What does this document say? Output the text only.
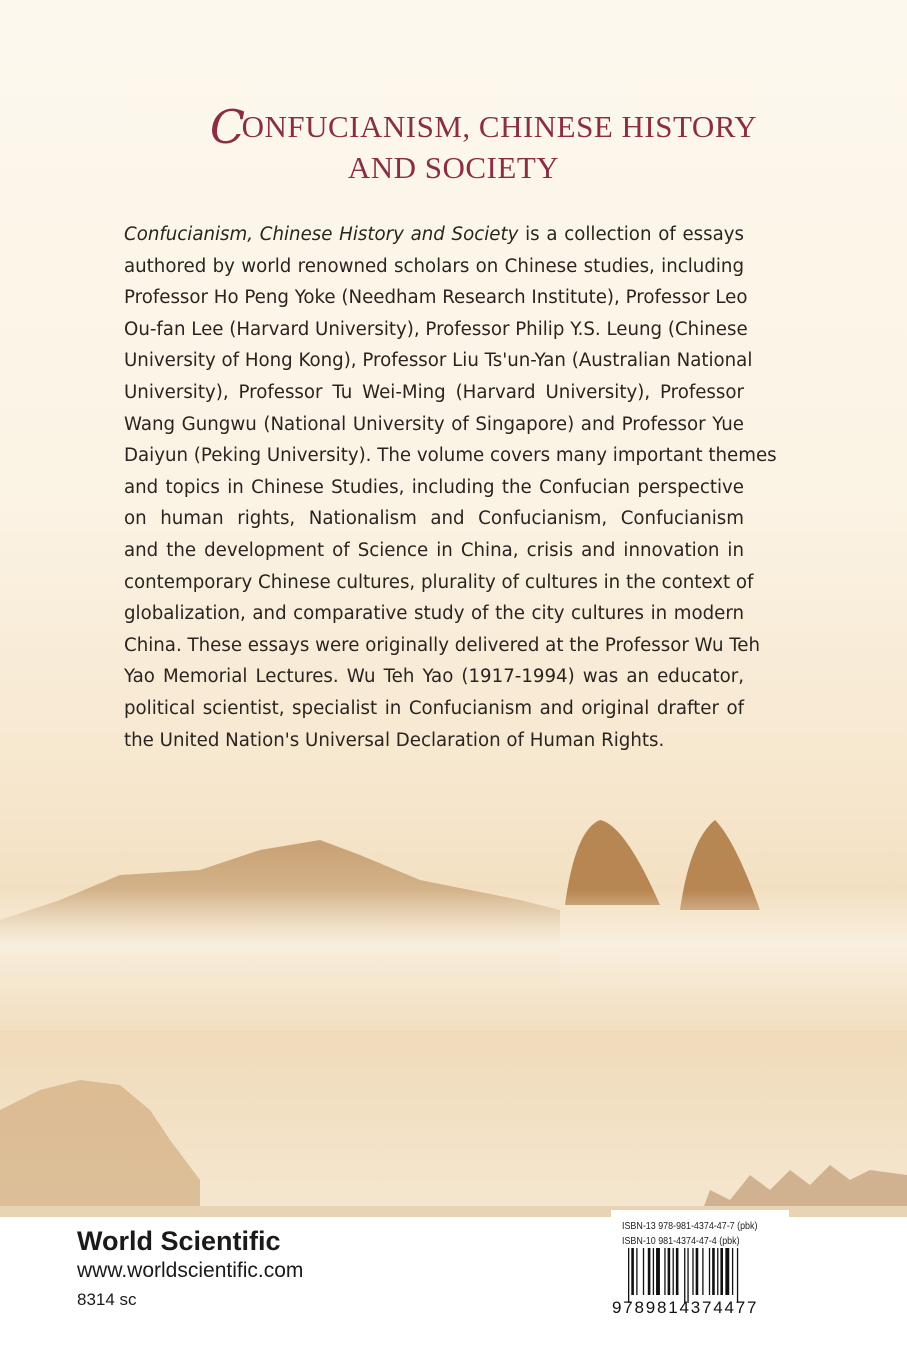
CONFUCIANISM, CHINESE HISTORY
AND SOCIETY
Confucianism, Chinese History and Society is a collection of essays
authored by world renowned scholars on Chinese studies, including
Professor Ho Peng Yoke (Needham Research Institute), Professor Leo
Ou-fan Lee (Harvard University), Professor Philip Y.S. Leung (Chinese
University of Hong Kong), Professor Liu Ts'un-Yan (Australian National
University), Professor Tu Wei-Ming (Harvard University), Professor
Wang Gungwu (National University of Singapore) and Professor Yue
Daiyun (Peking University). The volume covers many important themes
and topics in Chinese Studies, including the Confucian perspective
on human rights, Nationalism and Confucianism, Confucianism
and the development of Science in China, crisis and innovation in
contemporary Chinese cultures, plurality of cultures in the context of
globalization, and comparative study of the city cultures in modern
China. These essays were originally delivered at the Professor Wu Teh
Yao Memorial Lectures. Wu Teh Yao (1917-1994) was an educator,
political scientist, specialist in Confucianism and original drafter of
the United Nation's Universal Declaration of Human Rights.
World Scientific
www.worldscientific.com
8314 sc
ISBN-13 978-981-4374-47-7 (pbk)
ISBN-10 981-4374-47-4 (pbk)
9789814374477
